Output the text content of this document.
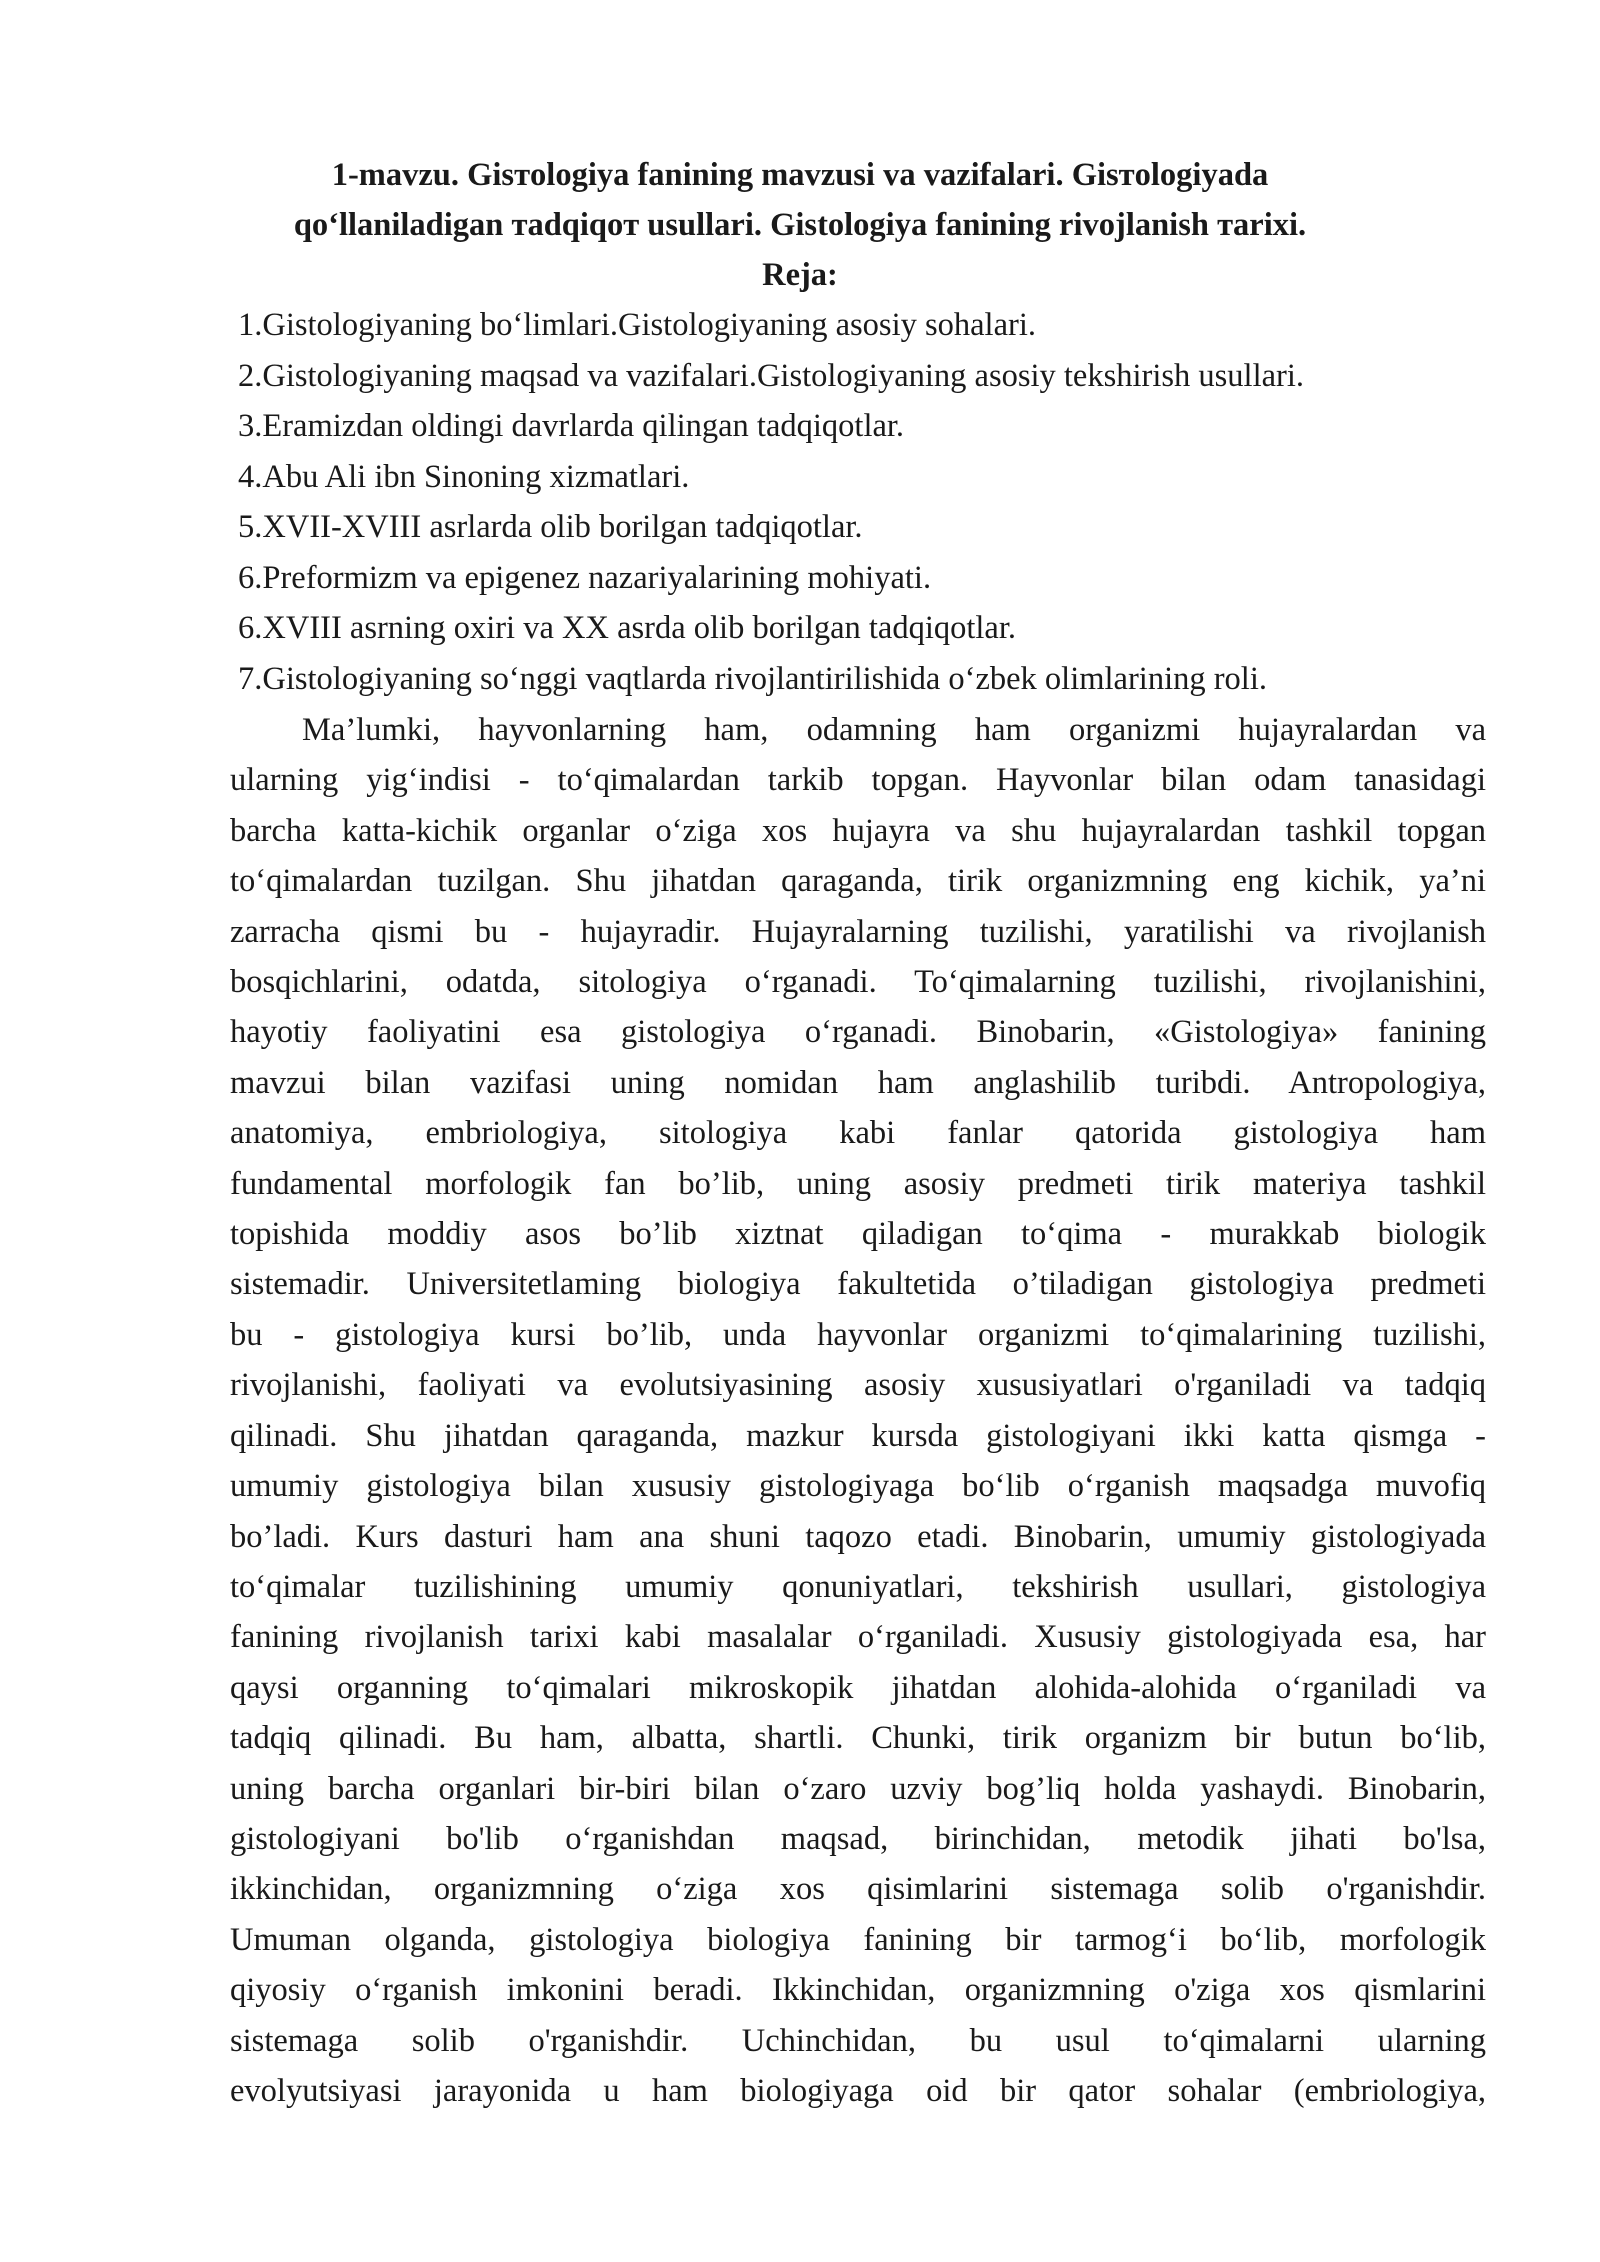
1-mavzu. Gisтologiya fanining mavzusi va vazifalari. Gisтologiyada
qo‘llaniladigan тadqiqoт usullari. Gistologiya fanining rivojlanish тarixi.
Reja:
1.Gistologiyaning bo‘limlari.Gistologiyaning asosiy sohalari.
2.Gistologiyaning maqsad va vazifalari.Gistologiyaning asosiy tekshirish usullari.
3.Eramizdan oldingi davrlarda qilingan tadqiqotlar.
4.Abu Ali ibn Sinoning xizmatlari.
5.XVII-XVIII asrlarda olib borilgan tadqiqotlar.
6.Preformizm va epigenez nazariyalarining mohiyati.
6.XVIII asrning oxiri va XX asrda olib borilgan tadqiqotlar.
7.Gistologiyaning so‘nggi vaqtlarda rivojlantirilishida o‘zbek olimlarining roli.
Ma’lumki, hayvonlarning ham, odamning ham organizmi hujayralardan va
ularning yig‘indisi - to‘qimalardan tarkib topgan. Hayvonlar bilan odam tanasidagi
barcha katta-kichik organlar o‘ziga xos hujayra va shu hujayralardan tashkil topgan
to‘qimalardan tuzilgan. Shu jihatdan qaraganda, tirik organizmning eng kichik, ya’ni
zarracha qismi bu - hujayradir. Hujayralarning tuzilishi, yaratilishi va rivojlanish
bosqichlarini, odatda, sitologiya o‘rganadi. To‘qimalarning tuzilishi, rivojlanishini,
hayotiy faoliyatini esa gistologiya o‘rganadi. Binobarin, «Gistologiya» fanining
mavzui bilan vazifasi uning nomidan ham anglashilib turibdi. Antropologiya,
anatomiya, embriologiya, sitologiya kabi fanlar qatorida gistologiya ham
fundamental morfologik fan bo’lib, uning asosiy predmeti tirik materiya tashkil
topishida moddiy asos bo’lib xiztnat qiladigan to‘qima - murakkab biologik
sistemadir. Universitetlaming biologiya fakultetida o’tiladigan gistologiya predmeti
bu - gistologiya kursi bo’lib, unda hayvonlar organizmi to‘qimalarining tuzilishi,
rivojlanishi, faoliyati va evolutsiyasining asosiy xususiyatlari o'rganiladi va tadqiq
qilinadi. Shu jihatdan qaraganda, mazkur kursda gistologiyani ikki katta qismga -
umumiy gistologiya bilan xususiy gistologiyaga bo‘lib o‘rganish maqsadga muvofiq
bo’ladi. Kurs dasturi ham ana shuni taqozo etadi. Binobarin, umumiy gistologiyada
to‘qimalar tuzilishining umumiy qonuniyatlari, tekshirish usullari, gistologiya
fanining rivojlanish tarixi kabi masalalar o‘rganiladi. Xususiy gistologiyada esa, har
qaysi organning to‘qimalari mikroskopik jihatdan alohida-alohida o‘rganiladi va
tadqiq qilinadi. Bu ham, albatta, shartli. Chunki, tirik organizm bir butun bo‘lib,
uning barcha organlari bir-biri bilan o‘zaro uzviy bog’liq holda yashaydi. Binobarin,
gistologiyani bo'lib o‘rganishdan maqsad, birinchidan, metodik jihati bo'lsa,
ikkinchidan, organizmning o‘ziga xos qisimlarini sistemaga solib o'rganishdir.
Umuman olganda, gistologiya biologiya fanining bir tarmog‘i bo‘lib, morfologik
qiyosiy o‘rganish imkonini beradi. Ikkinchidan, organizmning o'ziga xos qismlarini
sistemaga solib o'rganishdir. Uchinchidan, bu usul to‘qimalarni ularning
evolyutsiyasi jarayonida u ham biologiyaga oid bir qator sohalar (embriologiya,
